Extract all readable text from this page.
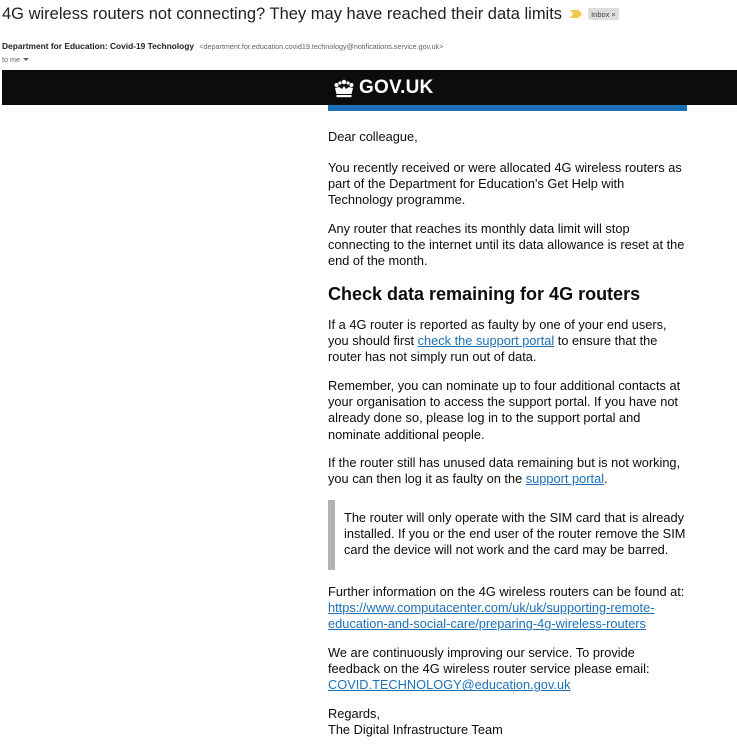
4G wireless routers not connecting? They may have reached their data limits	Inbox ×
Department for Education: Covid-19 Technology <department.for.education.covid19.technology@notifications.service.gov.uk>
to me
GOV.UK

Dear colleague,

You recently received or were allocated 4G wireless routers as part of the Department for Education's Get Help with Technology programme.

Any router that reaches its monthly data limit will stop connecting to the internet until its data allowance is reset at the end of the month.

Check data remaining for 4G routers

If a 4G router is reported as faulty by one of your end users, you should first check the support portal to ensure that the router has not simply run out of data.

Remember, you can nominate up to four additional contacts at your organisation to access the support portal. If you have not already done so, please log in to the support portal and nominate additional people.

If the router still has unused data remaining but is not working, you can then log it as faulty on the support portal.

The router will only operate with the SIM card that is already installed. If you or the end user of the router remove the SIM card the device will not work and the card may be barred.

Further information on the 4G wireless routers can be found at: https://www.computacenter.com/uk/uk/supporting-remote-education-and-social-care/preparing-4g-wireless-routers

We are continuously improving our service. To provide feedback on the 4G wireless router service please email: COVID.TECHNOLOGY@education.gov.uk

Regards,
The Digital Infrastructure Team
